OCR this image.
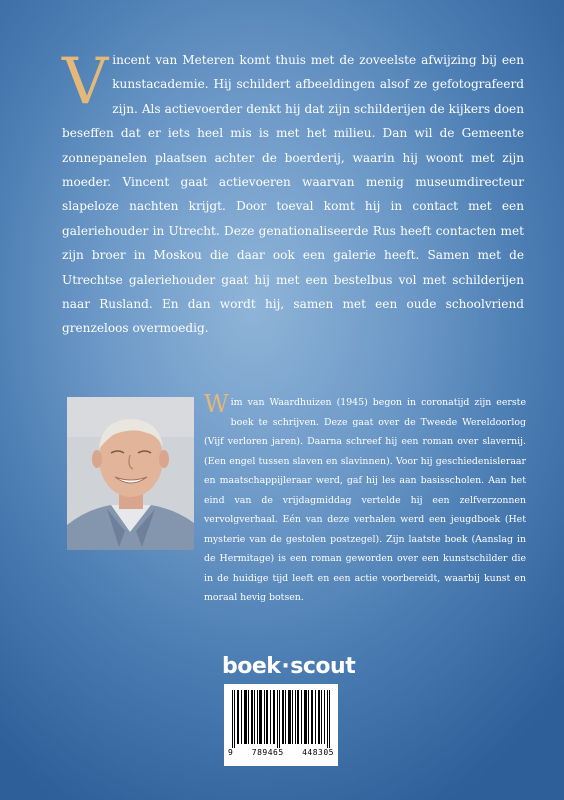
Vincent van Meteren komt thuis met de zoveelste afwijzing bij een kunstacademie. Hij schildert afbeeldingen alsof ze gefotografeerd zijn. Als actievoerder denkt hij dat zijn schilderijen de kijkers doen beseffen dat er iets heel mis is met het milieu. Dan wil de Gemeente zonnepanelen plaatsen achter de boerderij, waarin hij woont met zijn moeder. Vincent gaat actievoeren waarvan menig museumdirecteur slapeloze nachten krijgt. Door toeval komt hij in contact met een galeriehouder in Utrecht. Deze genationaliseerde Rus heeft contacten met zijn broer in Moskou die daar ook een galerie heeft. Samen met de Utrechtse galeriehouder gaat hij met een bestelbus vol met schilderijen naar Rusland. En dan wordt hij, samen met een oude schoolvriend grenzeloos overmoedig.

Wim van Waardhuizen (1945) begon in coronatijd zijn eerste boek te schrijven. Deze gaat over de Tweede Wereldoorlog (Vijf verloren jaren). Daarna schreef hij een roman over slavernij. (Een engel tussen slaven en slavinnen). Voor hij geschiedenisleraar en maatschappijleraar werd, gaf hij les aan basisscholen. Aan het eind van de vrijdagmiddag vertelde hij een zelfverzonnen vervolgverhaal. Eén van deze verhalen werd een jeugdboek (Het mysterie van de gestolen postzegel). Zijn laatste boek (Aanslag in de Hermitage) is een roman geworden over een kunstschilder die in de huidige tijd leeft en een actie voorbereidt, waarbij kunst en moraal hevig botsen.

boek·scout
9 789465 448305
